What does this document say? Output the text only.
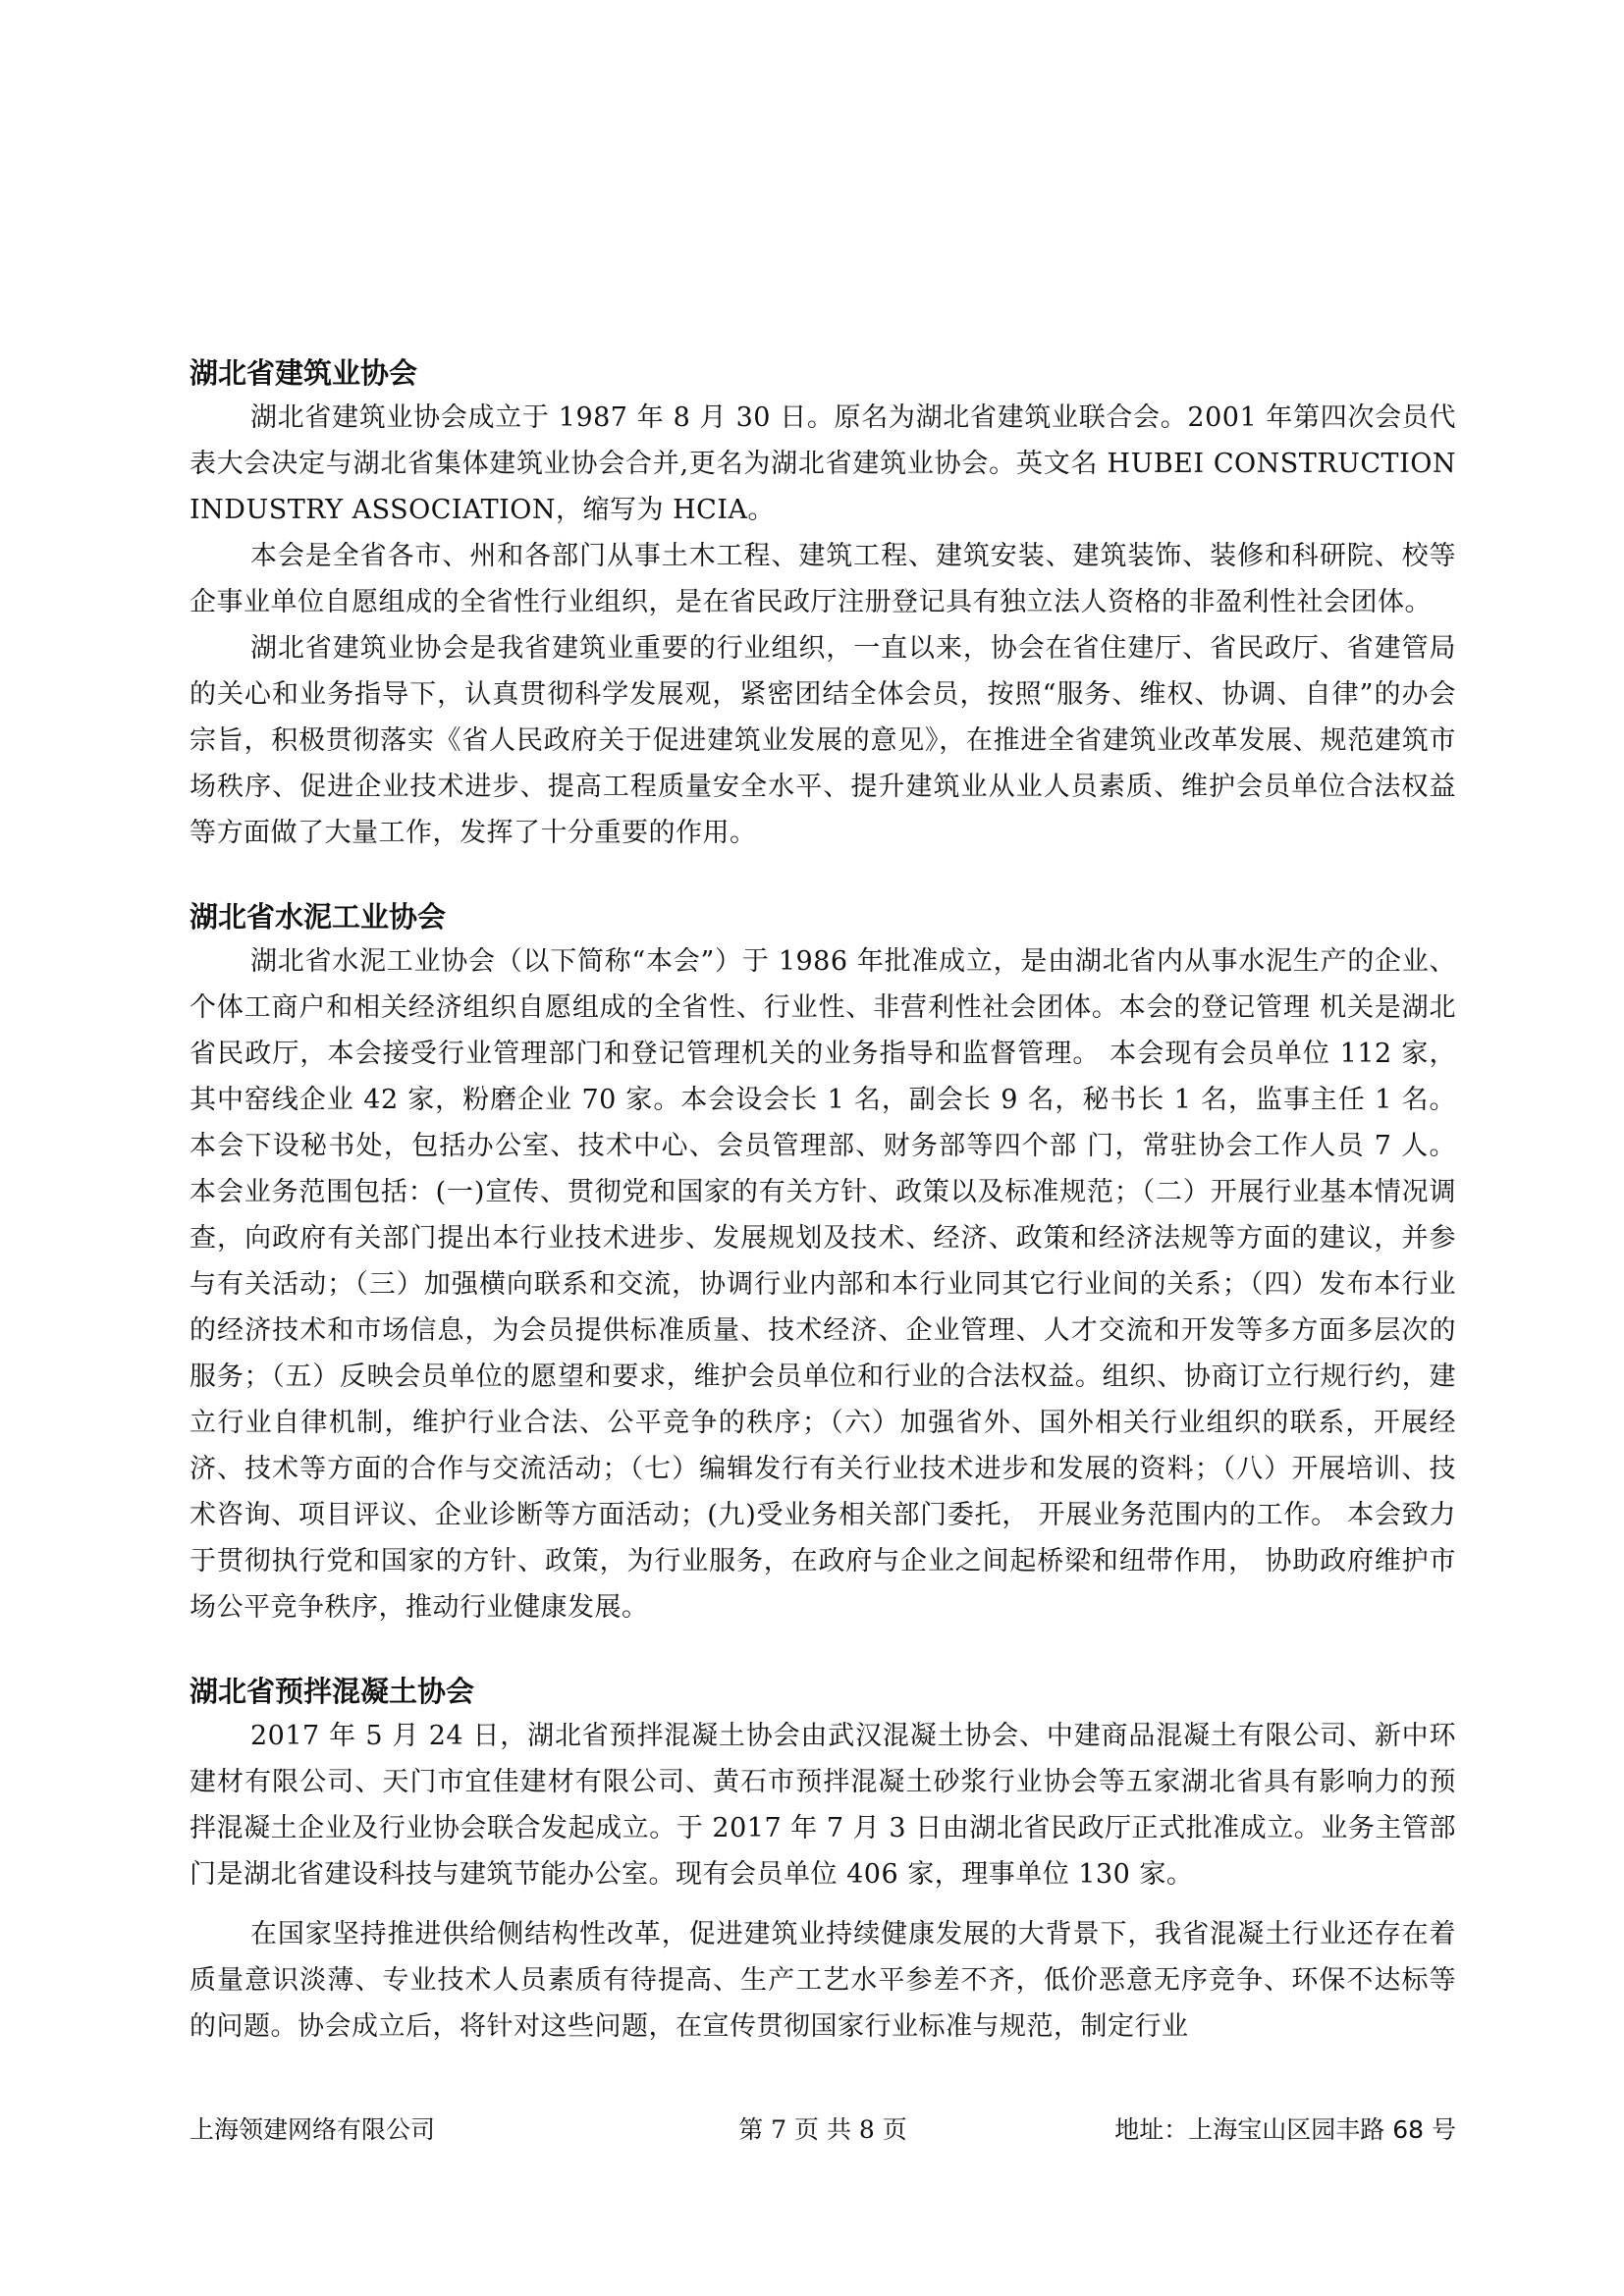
湖北省建筑业协会

湖北省建筑业协会成立于 1987 年 8 月 30 日。原名为湖北省建筑业联合会。2001 年第四次会员代表大会决定与湖北省集体建筑业协会合并,更名为湖北省建筑业协会。英文名 HUBEI CONSTRUCTION INDUSTRY ASSOCIATION，缩写为 HCIA。

本会是全省各市、州和各部门从事土木工程、建筑工程、建筑安装、建筑装饰、装修和科研院、校等企事业单位自愿组成的全省性行业组织，是在省民政厅注册登记具有独立法人资格的非盈利性社会团体。

湖北省建筑业协会是我省建筑业重要的行业组织，一直以来，协会在省住建厅、省民政厅、省建管局的关心和业务指导下，认真贯彻科学发展观，紧密团结全体会员，按照“服务、维权、协调、自律”的办会宗旨，积极贯彻落实《省人民政府关于促进建筑业发展的意见》，在推进全省建筑业改革发展、规范建筑市场秩序、促进企业技术进步、提高工程质量安全水平、提升建筑业从业人员素质、维护会员单位合法权益等方面做了大量工作，发挥了十分重要的作用。

湖北省水泥工业协会

湖北省水泥工业协会（以下简称“本会”）于 1986 年批准成立，是由湖北省内从事水泥生产的企业、个体工商户和相关经济组织自愿组成的全省性、行业性、非营利性社会团体。本会的登记管理 机关是湖北省民政厅，本会接受行业管理部门和登记管理机关的业务指导和监督管理。 本会现有会员单位 112 家，其中窑线企业 42 家，粉磨企业 70 家。本会设会长 1 名，副会长 9 名，秘书长 1 名，监事主任 1 名。本会下设秘书处，包括办公室、技术中心、会员管理部、财务部等四个部 门，常驻协会工作人员 7 人。 本会业务范围包括：(一)宣传、贯彻党和国家的有关方针、政策以及标准规范；（二）开展行业基本情况调查，向政府有关部门提出本行业技术进步、发展规划及技术、经济、政策和经济法规等方面的建议，并参与有关活动；（三）加强横向联系和交流，协调行业内部和本行业同其它行业间的关系；（四）发布本行业的经济技术和市场信息，为会员提供标准质量、技术经济、企业管理、人才交流和开发等多方面多层次的服务；（五）反映会员单位的愿望和要求，维护会员单位和行业的合法权益。组织、协商订立行规行约，建立行业自律机制，维护行业合法、公平竞争的秩序；（六）加强省外、国外相关行业组织的联系，开展经济、技术等方面的合作与交流活动；（七）编辑发行有关行业技术进步和发展的资料；（八）开展培训、技术咨询、项目评议、企业诊断等方面活动；(九)受业务相关部门委托， 开展业务范围内的工作。 本会致力于贯彻执行党和国家的方针、政策，为行业服务，在政府与企业之间起桥梁和纽带作用， 协助政府维护市场公平竞争秩序，推动行业健康发展。

湖北省预拌混凝土协会

2017 年 5 月 24 日，湖北省预拌混凝土协会由武汉混凝土协会、中建商品混凝土有限公司、新中环建材有限公司、天门市宜佳建材有限公司、黄石市预拌混凝土砂浆行业协会等五家湖北省具有影响力的预拌混凝土企业及行业协会联合发起成立。于 2017 年 7 月 3 日由湖北省民政厅正式批准成立。业务主管部门是湖北省建设科技与建筑节能办公室。现有会员单位 406 家，理事单位 130 家。

在国家坚持推进供给侧结构性改革，促进建筑业持续健康发展的大背景下，我省混凝土行业还存在着质量意识淡薄、专业技术人员素质有待提高、生产工艺水平参差不齐，低价恶意无序竞争、环保不达标等的问题。协会成立后，将针对这些问题，在宣传贯彻国家行业标准与规范，制定行业

上海领建网络有限公司	第 7 页 共 8 页	地址：上海宝山区园丰路 68 号
